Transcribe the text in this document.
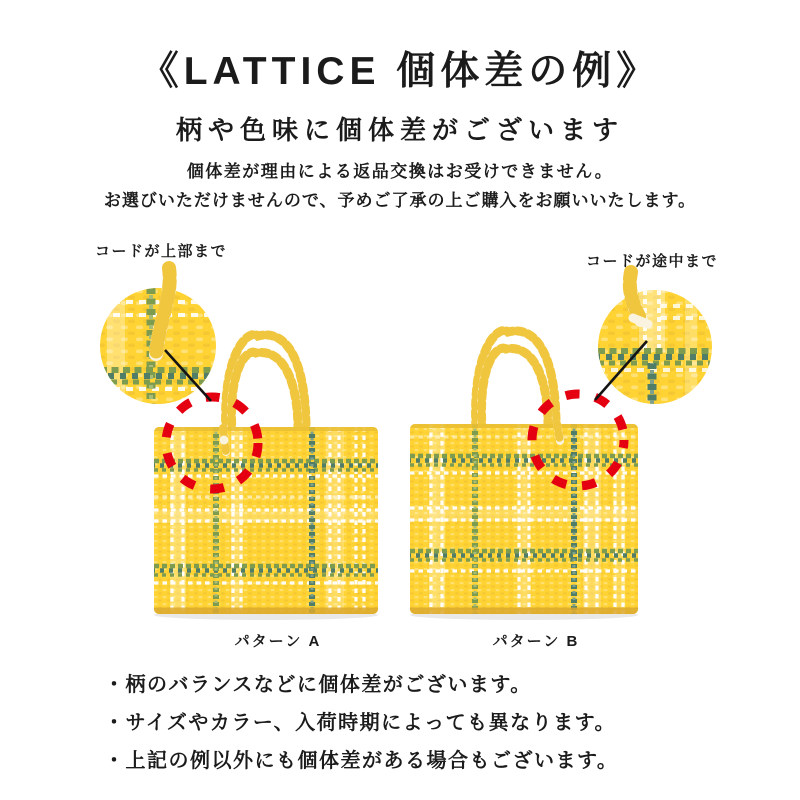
《LATTICE 個体差の例》
柄や色味に個体差がございます
個体差が理由による返品交換はお受けできません。
お選びいただけませんので、予めご了承の上ご購入をお願いいたします。
コードが上部まで
コードが途中まで
パターン A	パターン B
・柄のバランスなどに個体差がございます。
・サイズやカラー、入荷時期によっても異なります。
・上記の例以外にも個体差がある場合もございます。
